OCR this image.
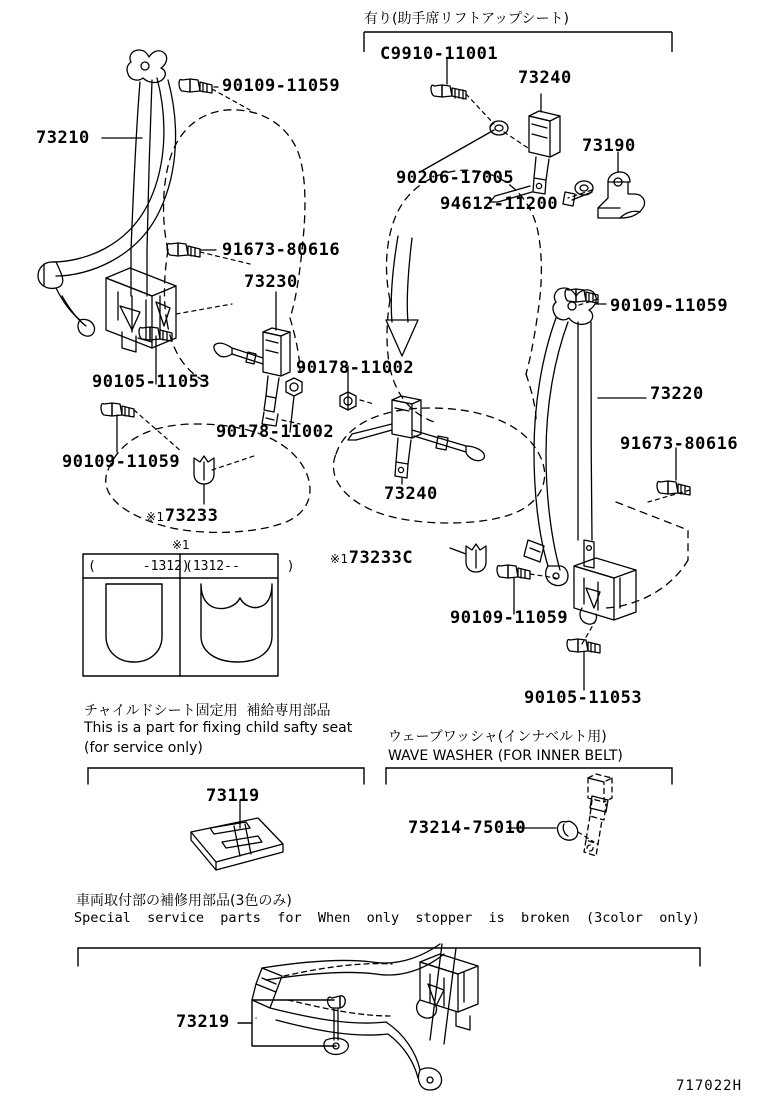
有り(助手席リフトアップシート)
C9910-11001
73240
73190
90206-17005
94612-11200
73210
90109-11059
91673-80616
73230
90105-11053
90178-11002
90178-11002
90109-11059
※173233
90109-11059
73220
91673-80616
73240
※173233C
90109-11059
90105-11053
※1
(      -1312)
(1312--      )
チャイルドシート固定用  補給専用部品
This is a part for fixing child safty seat
(for service only)
73119
ウェーブワッシャ(インナベルト用)
WAVE WASHER (FOR INNER BELT)
73214-75010
車両取付部の補修用部品(3色のみ)
Special  service  parts  for  When  only  stopper  is  broken  (3color  only)
73219
717022H
